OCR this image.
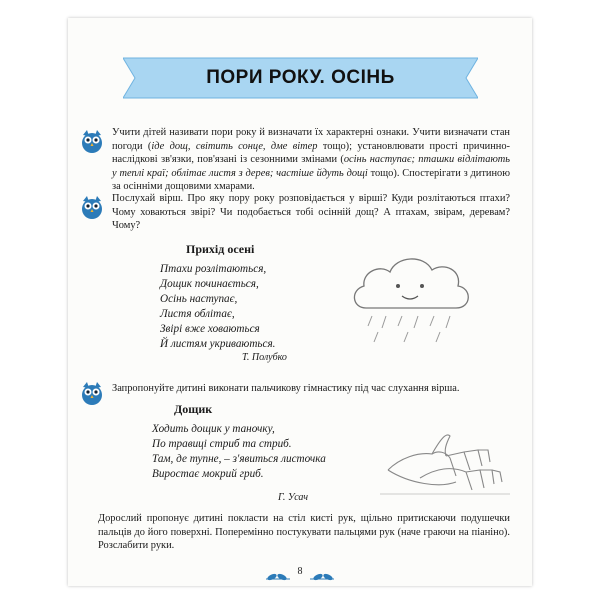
ПОРИ РОКУ. ОСІНЬ
Учити дітей називати пори року й визначати їх характерні ознаки. Учити визначати стан погоди (іде дощ, світить сонце, дме вітер тощо); установлювати прості причинно-наслідкові зв'язки, пов'язані із сезонними змінами (осінь наступає; пташки відлітають у теплі краї; облітає листя з дерев; частіше йдуть дощі тощо). Спостерігати з дитиною за осінніми дощовими хмарами.
Послухай вірш. Про яку пору року розповідається у вірші? Куди розлітаються птахи? Чому ховаються звірі? Чи подобається тобі осінній дощ? А птахам, звірам, деревам? Чому?
Прихід осені
Птахи розлітаються,
Дощик починається,
Осінь наступає,
Листя облітає,
Звірі вже ховаються
Й листям укриваються.
Т. Полубко
Запропонуйте дитині виконати пальчикову гімнастику під час слухання вірша.
Дощик
Ходить дощик у таночку,
По травиці стриб та стриб.
Там, де тупне, – з'явиться листочка
Виростає мокрий гриб.
Г. Усач
Дорослий пропонує дитині покласти на стіл кисті рук, щільно притискаючи подушечки пальців до його поверхні. Поперемінно постукувати пальцями рук (наче граючи на піаніно). Розслабити руки.
8
